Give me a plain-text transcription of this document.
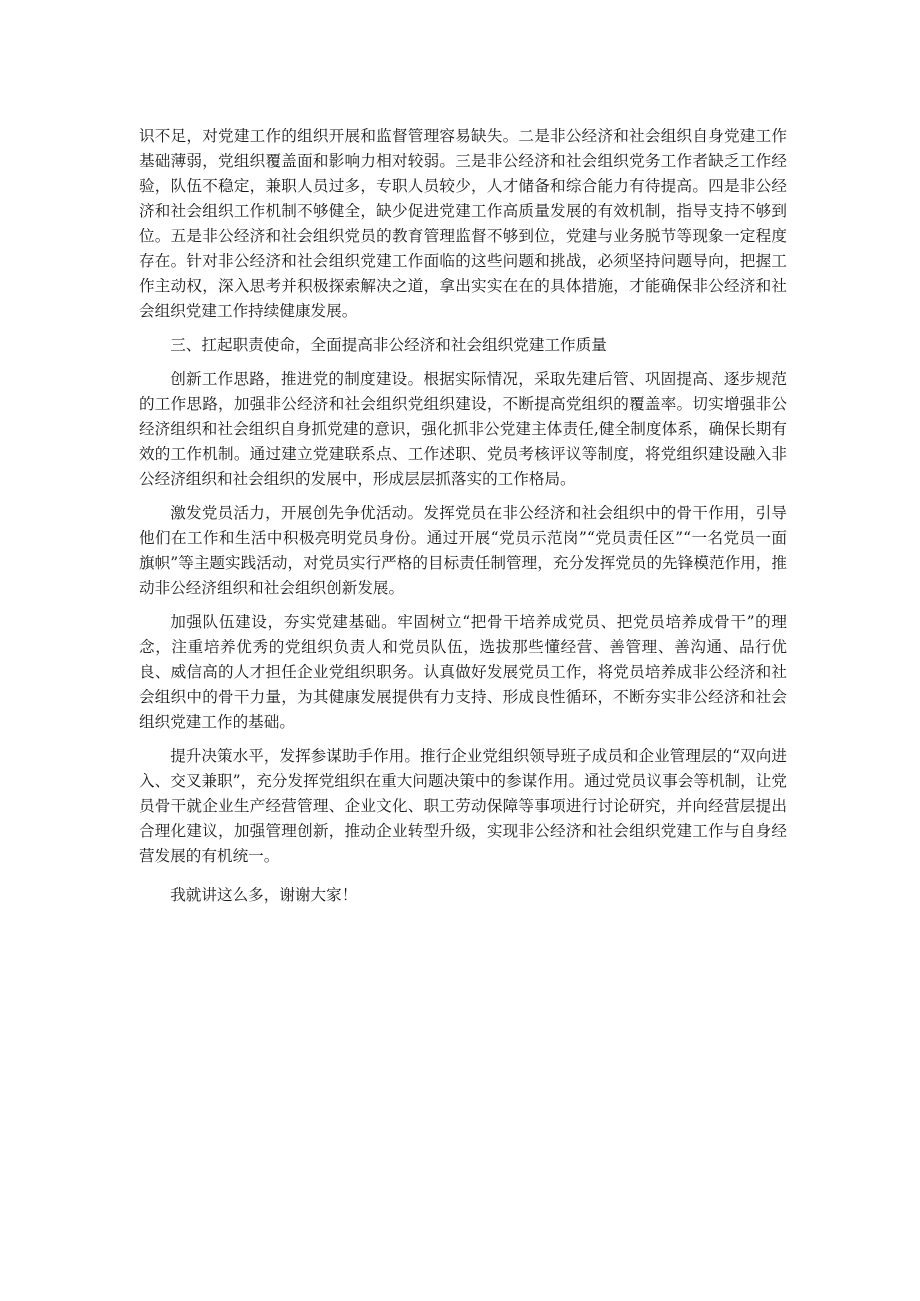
识不足，对党建工作的组织开展和监督管理容易缺失。二是非公经济和社会组织自身党建工作基础薄弱，党组织覆盖面和影响力相对较弱。三是非公经济和社会组织党务工作者缺乏工作经验，队伍不稳定，兼职人员过多，专职人员较少，人才储备和综合能力有待提高。四是非公经济和社会组织工作机制不够健全，缺少促进党建工作高质量发展的有效机制，指导支持不够到位。五是非公经济和社会组织党员的教育管理监督不够到位，党建与业务脱节等现象一定程度存在。针对非公经济和社会组织党建工作面临的这些问题和挑战，必须坚持问题导向，把握工作主动权，深入思考并积极探索解决之道，拿出实实在在的具体措施，才能确保非公经济和社会组织党建工作持续健康发展。

三、扛起职责使命，全面提高非公经济和社会组织党建工作质量

创新工作思路，推进党的制度建设。根据实际情况，采取先建后管、巩固提高、逐步规范的工作思路，加强非公经济和社会组织党组织建设，不断提高党组织的覆盖率。切实增强非公经济组织和社会组织自身抓党建的意识，强化抓非公党建主体责任,健全制度体系，确保长期有效的工作机制。通过建立党建联系点、工作述职、党员考核评议等制度，将党组织建设融入非公经济组织和社会组织的发展中，形成层层抓落实的工作格局。

激发党员活力，开展创先争优活动。发挥党员在非公经济和社会组织中的骨干作用，引导他们在工作和生活中积极亮明党员身份。通过开展“党员示范岗”“党员责任区”“一名党员一面旗帜”等主题实践活动，对党员实行严格的目标责任制管理，充分发挥党员的先锋模范作用，推动非公经济组织和社会组织创新发展。

加强队伍建设，夯实党建基础。牢固树立“把骨干培养成党员、把党员培养成骨干”的理念，注重培养优秀的党组织负责人和党员队伍，选拔那些懂经营、善管理、善沟通、品行优良、威信高的人才担任企业党组织职务。认真做好发展党员工作，将党员培养成非公经济和社会组织中的骨干力量，为其健康发展提供有力支持、形成良性循环，不断夯实非公经济和社会组织党建工作的基础。

提升决策水平，发挥参谋助手作用。推行企业党组织领导班子成员和企业管理层的“双向进入、交叉兼职”，充分发挥党组织在重大问题决策中的参谋作用。通过党员议事会等机制，让党员骨干就企业生产经营管理、企业文化、职工劳动保障等事项进行讨论研究，并向经营层提出合理化建议，加强管理创新，推动企业转型升级，实现非公经济和社会组织党建工作与自身经营发展的有机统一。

我就讲这么多，谢谢大家！
